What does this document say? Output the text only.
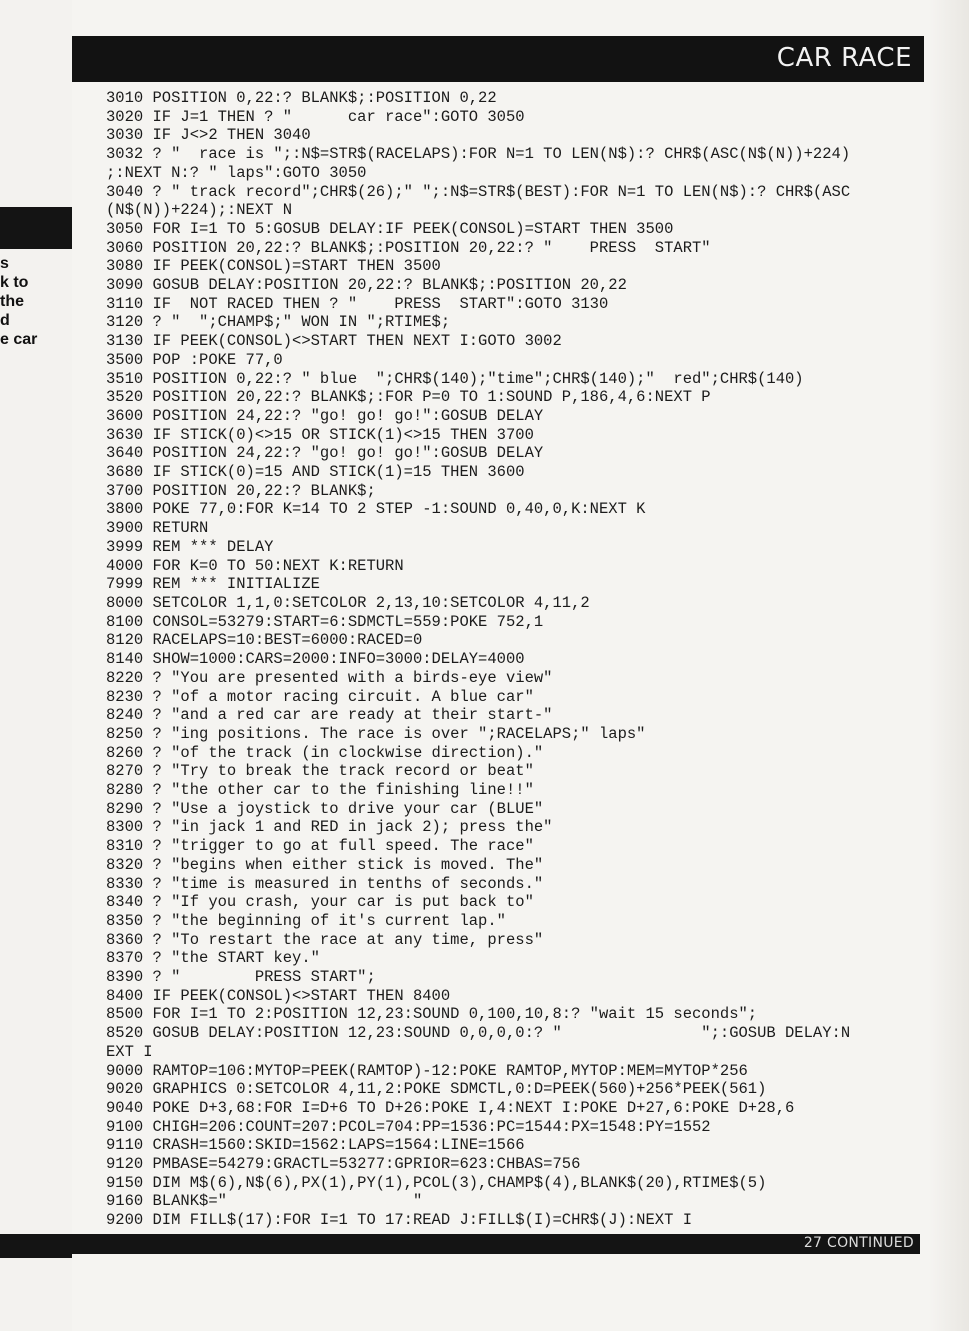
s
k to
the
d
e car
CAR RACE
3010 POSITION 0,22:? BLANK$;:POSITION 0,22
3020 IF J=1 THEN ? "      car race":GOTO 3050
3030 IF J<>2 THEN 3040
3032 ? "  race is ";:N$=STR$(RACELAPS):FOR N=1 TO LEN(N$):? CHR$(ASC(N$(N))+224)
;:NEXT N:? " laps":GOTO 3050
3040 ? " track record";CHR$(26);" ";:N$=STR$(BEST):FOR N=1 TO LEN(N$):? CHR$(ASC
(N$(N))+224);:NEXT N
3050 FOR I=1 TO 5:GOSUB DELAY:IF PEEK(CONSOL)=START THEN 3500
3060 POSITION 20,22:? BLANK$;:POSITION 20,22:? "    PRESS  START"
3080 IF PEEK(CONSOL)=START THEN 3500
3090 GOSUB DELAY:POSITION 20,22:? BLANK$;:POSITION 20,22
3110 IF  NOT RACED THEN ? "    PRESS  START":GOTO 3130
3120 ? "  ";CHAMP$;" WON IN ";RTIME$;
3130 IF PEEK(CONSOL)<>START THEN NEXT I:GOTO 3002
3500 POP :POKE 77,0
3510 POSITION 0,22:? " blue  ";CHR$(140);"time";CHR$(140);"  red";CHR$(140)
3520 POSITION 20,22:? BLANK$;:FOR P=0 TO 1:SOUND P,186,4,6:NEXT P
3600 POSITION 24,22:? "go! go! go!":GOSUB DELAY
3630 IF STICK(0)<>15 OR STICK(1)<>15 THEN 3700
3640 POSITION 24,22:? "go! go! go!":GOSUB DELAY
3680 IF STICK(0)=15 AND STICK(1)=15 THEN 3600
3700 POSITION 20,22:? BLANK$;
3800 POKE 77,0:FOR K=14 TO 2 STEP -1:SOUND 0,40,0,K:NEXT K
3900 RETURN
3999 REM *** DELAY
4000 FOR K=0 TO 50:NEXT K:RETURN
7999 REM *** INITIALIZE
8000 SETCOLOR 1,1,0:SETCOLOR 2,13,10:SETCOLOR 4,11,2
8100 CONSOL=53279:START=6:SDMCTL=559:POKE 752,1
8120 RACELAPS=10:BEST=6000:RACED=0
8140 SHOW=1000:CARS=2000:INFO=3000:DELAY=4000
8220 ? "You are presented with a birds-eye view"
8230 ? "of a motor racing circuit. A blue car"
8240 ? "and a red car are ready at their start-"
8250 ? "ing positions. The race is over ";RACELAPS;" laps"
8260 ? "of the track (in clockwise direction)."
8270 ? "Try to break the track record or beat"
8280 ? "the other car to the finishing line!!"
8290 ? "Use a joystick to drive your car (BLUE"
8300 ? "in jack 1 and RED in jack 2); press the"
8310 ? "trigger to go at full speed. The race"
8320 ? "begins when either stick is moved. The"
8330 ? "time is measured in tenths of seconds."
8340 ? "If you crash, your car is put back to"
8350 ? "the beginning of it's current lap."
8360 ? "To restart the race at any time, press"
8370 ? "the START key."
8390 ? "        PRESS START";
8400 IF PEEK(CONSOL)<>START THEN 8400
8500 FOR I=1 TO 2:POSITION 12,23:SOUND 0,100,10,8:? "wait 15 seconds";
8520 GOSUB DELAY:POSITION 12,23:SOUND 0,0,0,0:? "               ";:GOSUB DELAY:N
EXT I
9000 RAMTOP=106:MYTOP=PEEK(RAMTOP)-12:POKE RAMTOP,MYTOP:MEM=MYTOP*256
9020 GRAPHICS 0:SETCOLOR 4,11,2:POKE SDMCTL,0:D=PEEK(560)+256*PEEK(561)
9040 POKE D+3,68:FOR I=D+6 TO D+26:POKE I,4:NEXT I:POKE D+27,6:POKE D+28,6
9100 CHIGH=206:COUNT=207:PCOL=704:PP=1536:PC=1544:PX=1548:PY=1552
9110 CRASH=1560:SKID=1562:LAPS=1564:LINE=1566
9120 PMBASE=54279:GRACTL=53277:GPRIOR=623:CHBAS=756
9150 DIM M$(6),N$(6),PX(1),PY(1),PCOL(3),CHAMP$(4),BLANK$(20),RTIME$(5)
9160 BLANK$="                    "
9200 DIM FILL$(17):FOR I=1 TO 17:READ J:FILL$(I)=CHR$(J):NEXT I
27 CONTINUED
